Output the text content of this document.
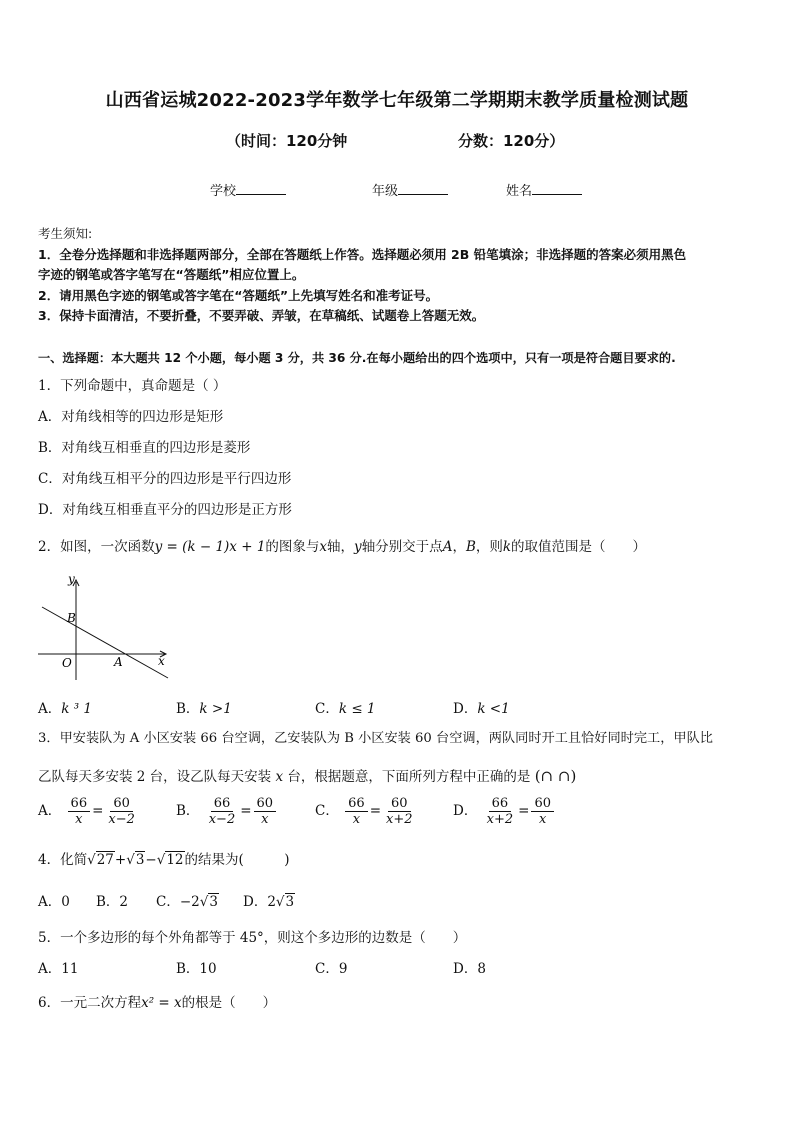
山西省运城2022-2023学年数学七年级第二学期期末教学质量检测试题
（时间：120分钟	分数：120分）
学校	年级	姓名
考生须知:
1．全卷分选择题和非选择题两部分，全部在答题纸上作答。选择题必须用 2B 铅笔填涂；非选择题的答案必须用黑色
字迹的钢笔或答字笔写在“答题纸”相应位置上。
2．请用黑色字迹的钢笔或答字笔在“答题纸”上先填写姓名和准考证号。
3．保持卡面清洁，不要折叠，不要弄破、弄皱，在草稿纸、试题卷上答题无效。
一、选择题：本大题共 12 个小题，每小题 3 分，共 36 分.在每小题给出的四个选项中，只有一项是符合题目要求的.
1．下列命题中，真命题是（ ）
A．对角线相等的四边形是矩形
B．对角线互相垂直的四边形是菱形
C．对角线互相平分的四边形是平行四边形
D．对角线互相垂直平分的四边形是正方形
2．如图，一次函数y = (k − 1)x + 1的图象与x轴，y轴分别交于点A，B，则k的取值范围是（　　）
y
B
O	A	x
A．k ³ 1	B．k >1	C．k ≤ 1	D．k <1
3．甲安装队为 A 小区安装 66 台空调，乙安装队为 B 小区安装 60 台空调，两队同时开工且恰好同时完工，甲队比
乙队每天多安装 2 台，设乙队每天安装 x 台，根据题意，下面所列方程中正确的是 (∩ ∩)
A． $\frac{66}{x} = \frac{60}{x-2}$	B． $\frac{66}{x-2} = \frac{60}{x}$	C． $\frac{66}{x} = \frac{60}{x+2}$	D． $\frac{66}{x+2} = \frac{60}{x}$
4．化简√27+√3−√12的结果为(　　　)
A．0 B．2 C．−2√3 D．2√3
5．一个多边形的每个外角都等于 45°，则这个多边形的边数是（　　）
A．11	B．10	C．9	D．8
6．一元二次方程x² = x的根是（　　）
